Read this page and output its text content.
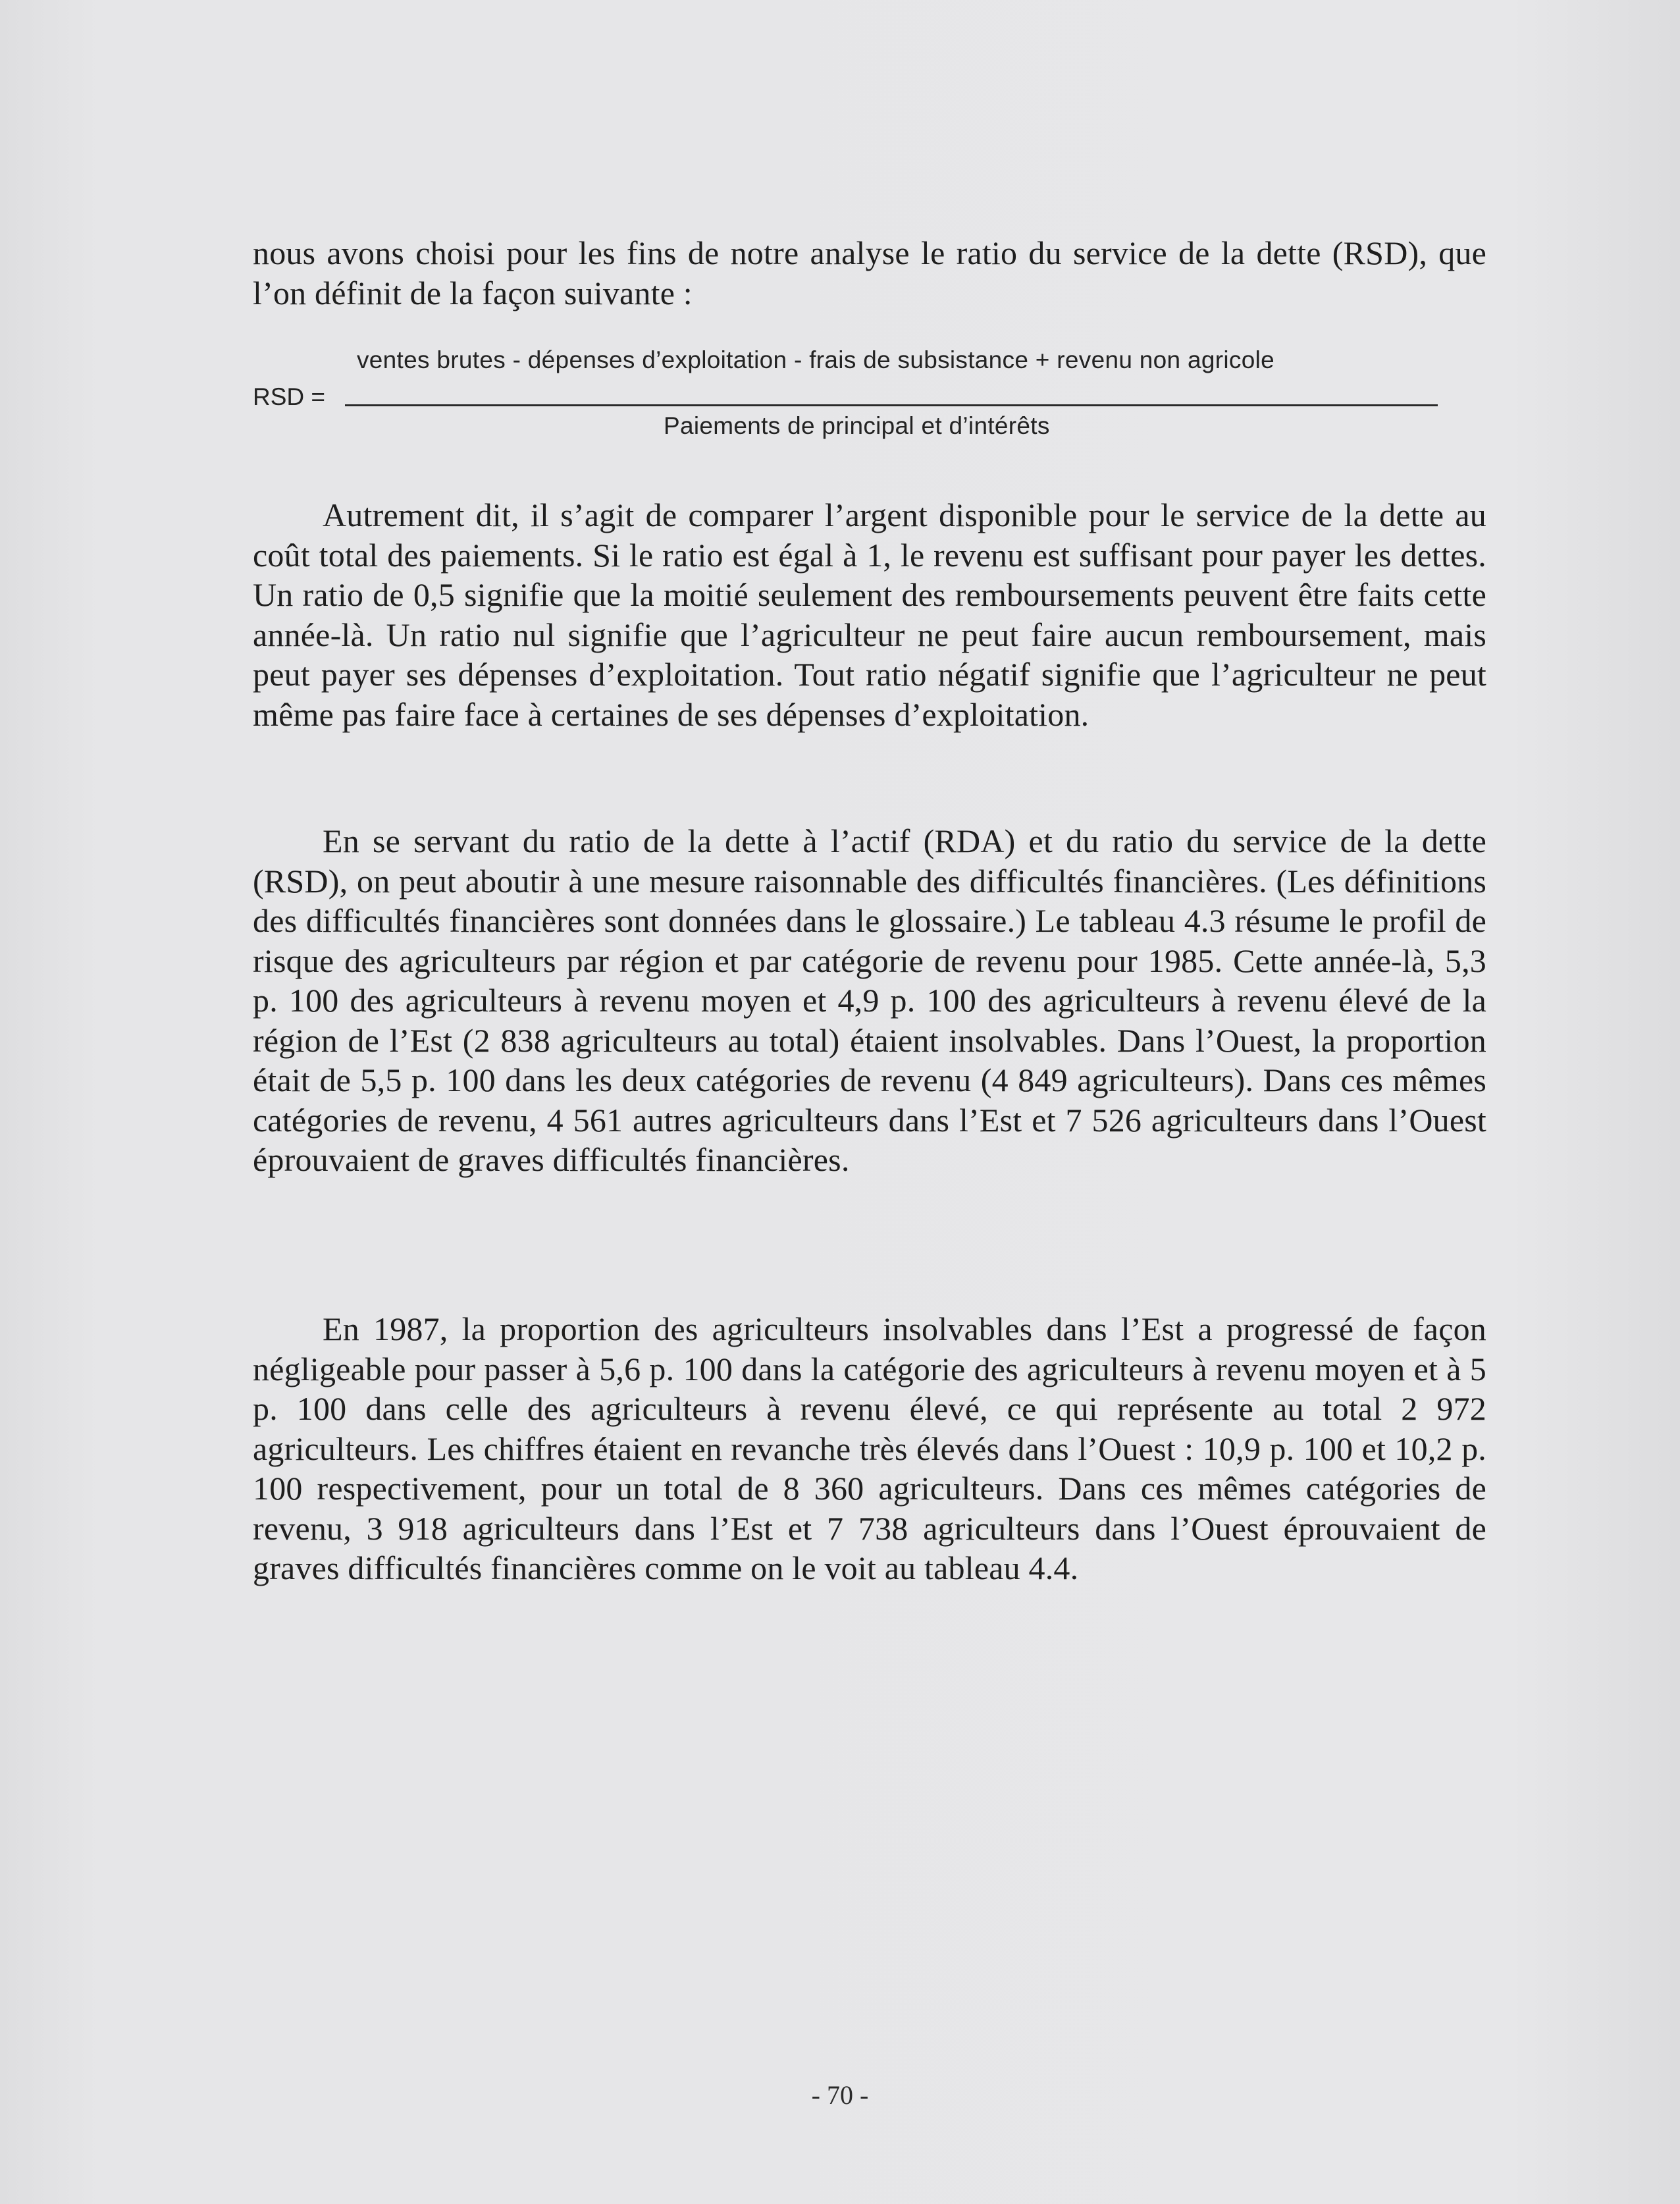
nous avons choisi pour les fins de notre analyse le ratio du service de la dette (RSD), que l’on définit de la façon suivante :

ventes brutes - dépenses d’exploitation - frais de subsistance + revenu non agricole
RSD =
Paiements de principal et d’intérêts

Autrement dit, il s’agit de comparer l’argent disponible pour le service de la dette au coût total des paiements. Si le ratio est égal à 1, le revenu est suffisant pour payer les dettes. Un ratio de 0,5 signifie que la moitié seulement des remboursements peuvent être faits cette année-là. Un ratio nul signifie que l’agriculteur ne peut faire aucun remboursement, mais peut payer ses dépenses d’exploitation. Tout ratio négatif signifie que l’agriculteur ne peut même pas faire face à certaines de ses dépenses d’exploitation.

En se servant du ratio de la dette à l’actif (RDA) et du ratio du service de la dette (RSD), on peut aboutir à une mesure raisonnable des difficultés financières. (Les définitions des difficultés financières sont données dans le glossaire.) Le tableau 4.3 résume le profil de risque des agriculteurs par région et par catégorie de revenu pour 1985. Cette année-là, 5,3 p. 100 des agriculteurs à revenu moyen et 4,9 p. 100 des agriculteurs à revenu élevé de la région de l’Est (2 838 agriculteurs au total) étaient insolvables. Dans l’Ouest, la proportion était de 5,5 p. 100 dans les deux catégories de revenu (4 849 agriculteurs). Dans ces mêmes catégories de revenu, 4 561 autres agriculteurs dans l’Est et 7 526 agriculteurs dans l’Ouest éprouvaient de graves difficultés financières.

En 1987, la proportion des agriculteurs insolvables dans l’Est a progressé de façon négligeable pour passer à 5,6 p. 100 dans la catégorie des agriculteurs à revenu moyen et à 5 p. 100 dans celle des agriculteurs à revenu élevé, ce qui représente au total 2 972 agriculteurs. Les chiffres étaient en revanche très élevés dans l’Ouest : 10,9 p. 100 et 10,2 p. 100 respectivement, pour un total de 8 360 agriculteurs. Dans ces mêmes catégories de revenu, 3 918 agriculteurs dans l’Est et 7 738 agriculteurs dans l’Ouest éprouvaient de graves difficultés financières comme on le voit au tableau 4.4.

- 70 -
